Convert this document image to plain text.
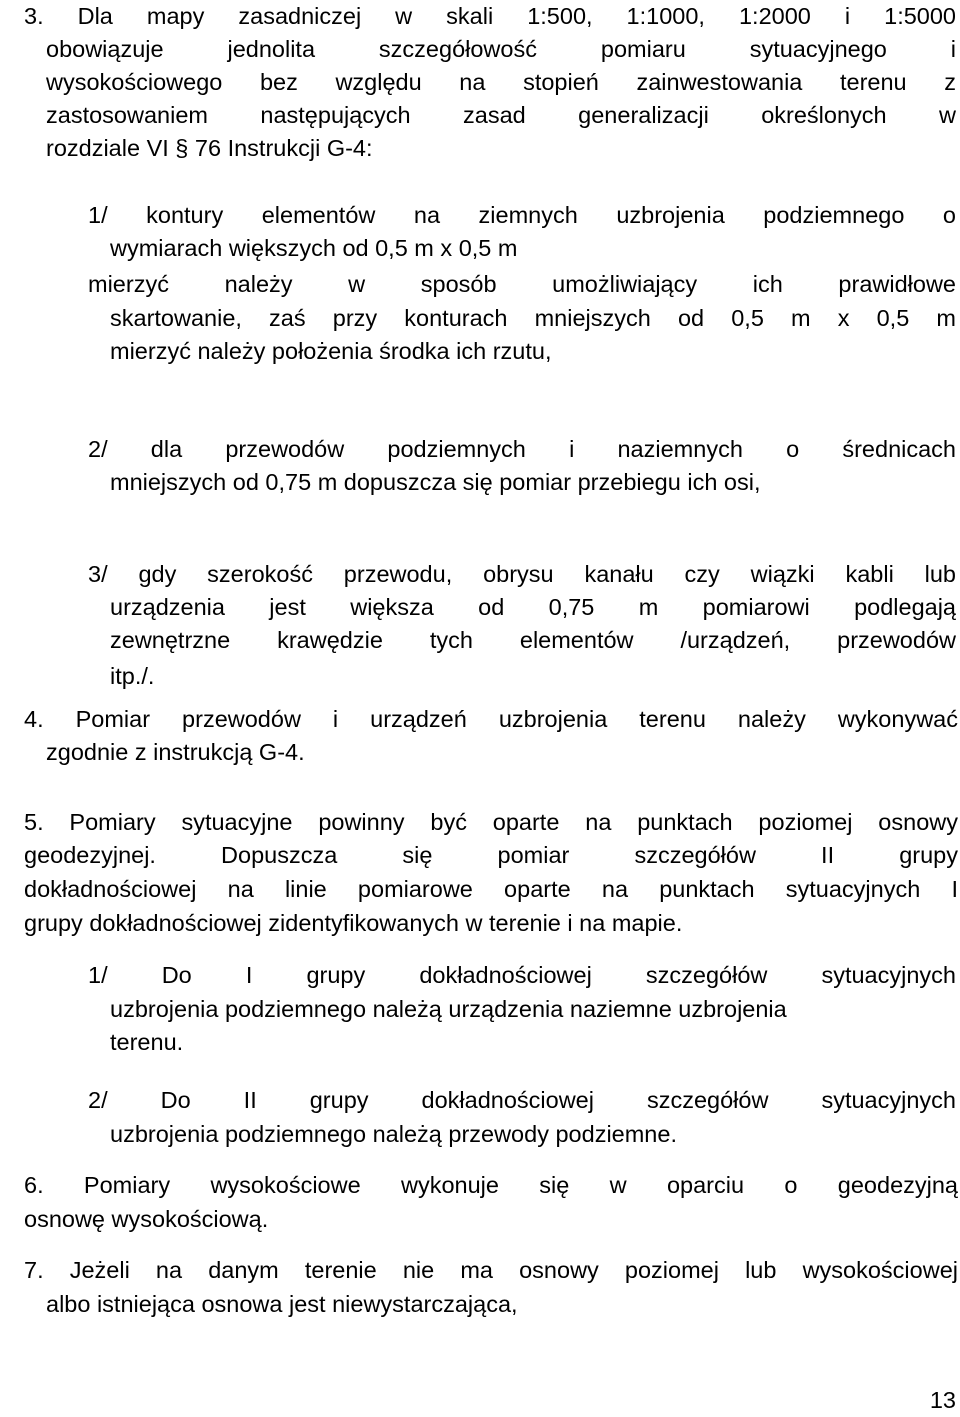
3. Dla mapy zasadniczej w skali 1:500, 1:1000, 1:2000 i 1:5000
obowiązuje jednolita szczegółowość pomiaru sytuacyjnego i
wysokościowego bez względu na stopień zainwestowania terenu z
zastosowaniem następujących zasad generalizacji określonych w
rozdziale VI § 76 Instrukcji G-4:
1/ kontury elementów na ziemnych uzbrojenia podziemnego o
wymiarach większych od 0,5 m x 0,5 m
mierzyć należy w sposób umożliwiający ich prawidłowe
skartowanie, zaś przy konturach mniejszych od 0,5 m x 0,5 m
mierzyć należy położenia środka ich rzutu,
2/ dla przewodów podziemnych i naziemnych o średnicach
mniejszych od 0,75 m dopuszcza się pomiar przebiegu ich osi,
3/ gdy szerokość przewodu, obrysu kanału czy wiązki kabli lub
urządzenia jest większa od 0,75 m pomiarowi podlegają
zewnętrzne krawędzie tych elementów /urządzeń, przewodów
itp./.
4. Pomiar przewodów i urządzeń uzbrojenia terenu należy wykonywać
zgodnie z instrukcją G-4.
5. Pomiary sytuacyjne powinny być oparte na punktach poziomej osnowy
geodezyjnej. Dopuszcza się pomiar szczegółów II grupy
dokładnościowej na linie pomiarowe oparte na punktach sytuacyjnych I
grupy dokładnościowej zidentyfikowanych w terenie i na mapie.
1/ Do I grupy dokładnościowej szczegółów sytuacyjnych
uzbrojenia podziemnego należą urządzenia naziemne uzbrojenia
terenu.
2/ Do II grupy dokładnościowej szczegółów sytuacyjnych
uzbrojenia podziemnego należą przewody podziemne.
6. Pomiary wysokościowe wykonuje się w oparciu o geodezyjną
osnowę wysokościową.
7. Jeżeli na danym terenie nie ma osnowy poziomej lub wysokościowej
albo istniejąca osnowa jest niewystarczająca,
13
